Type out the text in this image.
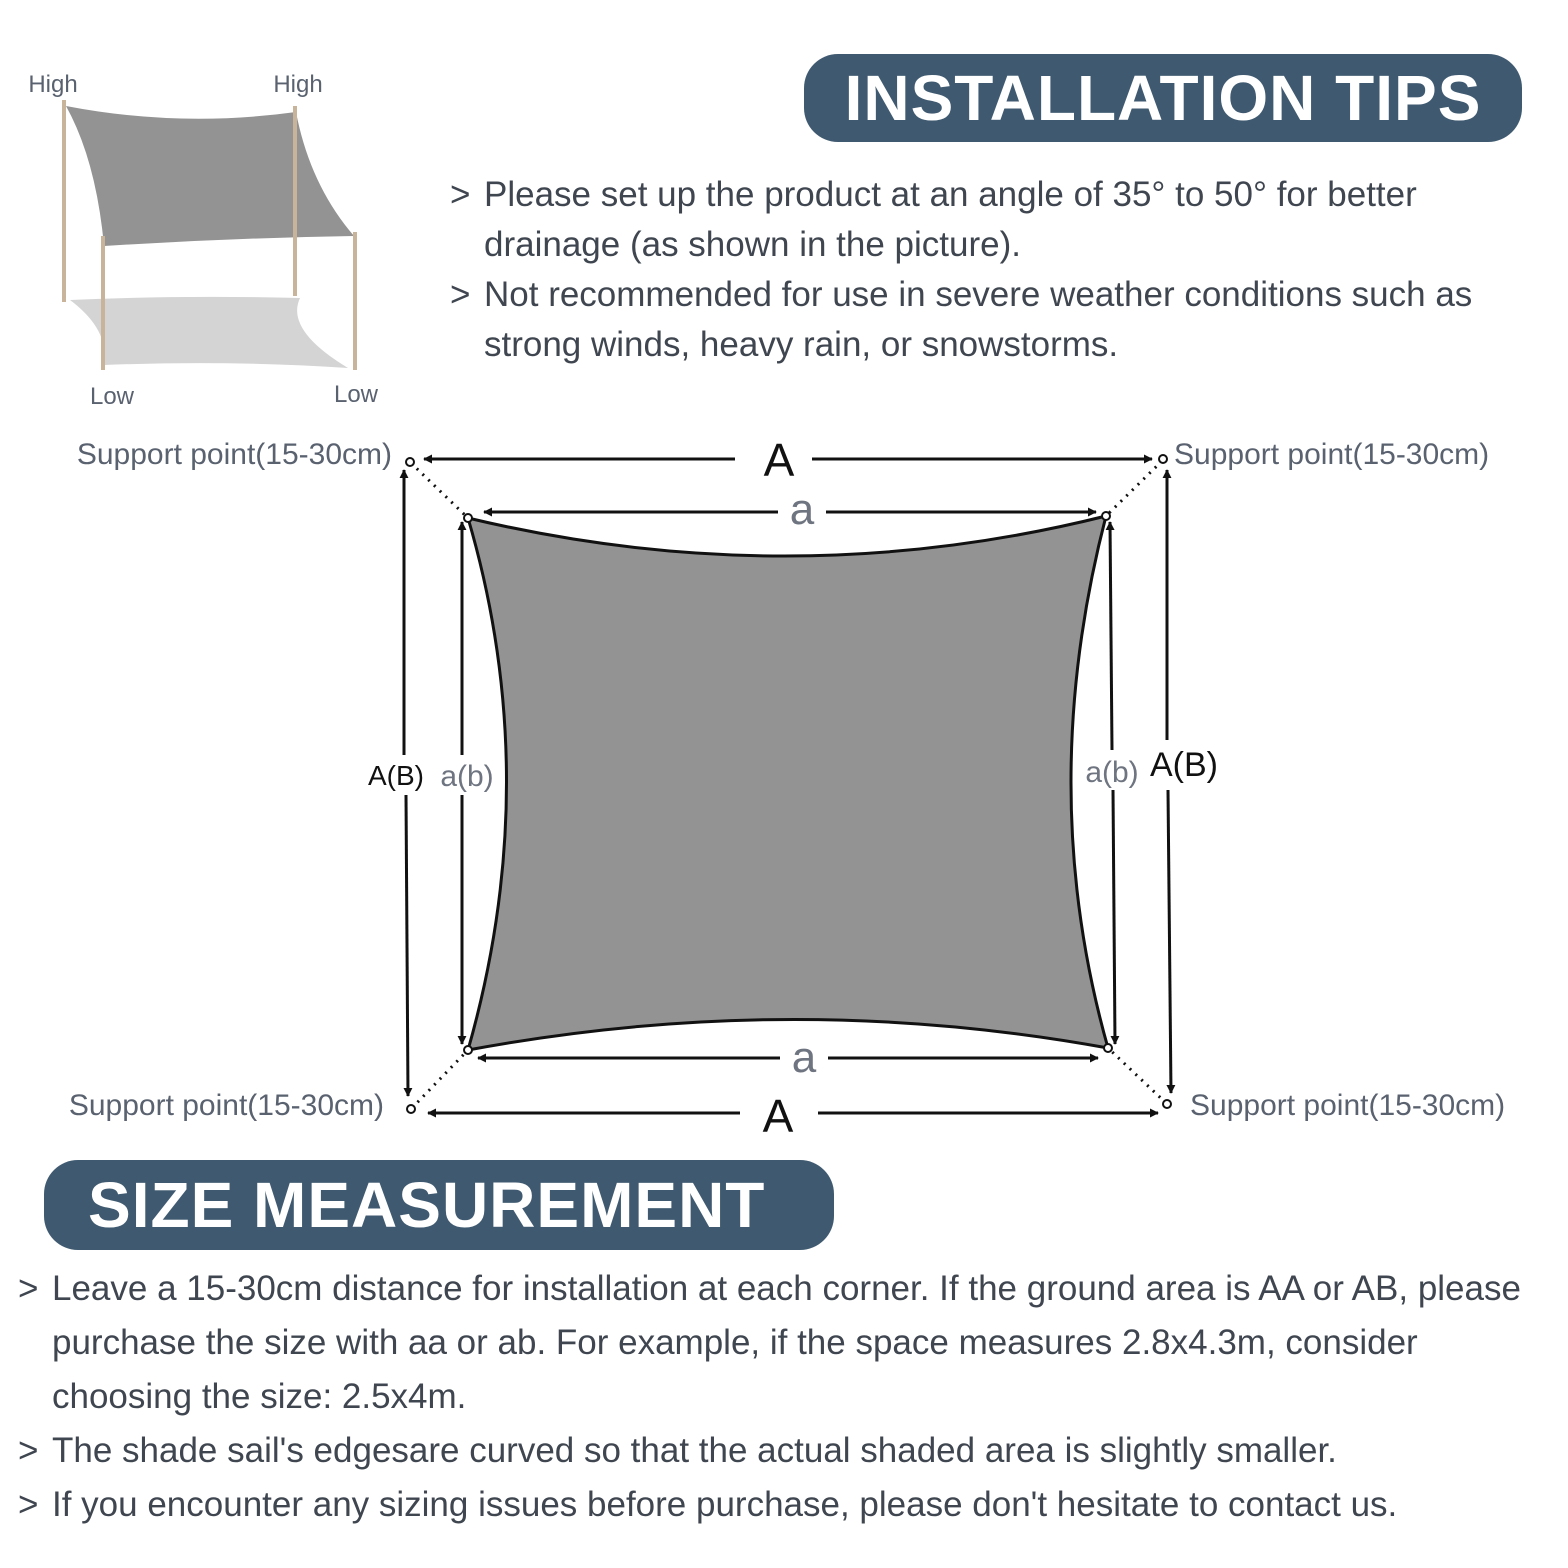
High	High
Low	Low
A
a
a
A
A(B) a(b)	a(b) A(B)
Support point(15-30cm)	Support point(15-30cm)
Support point(15-30cm)	Support point(15-30cm)
INSTALLATION TIPS
> Please set up the product at an angle of 35° to 50° for better drainage (as shown in the picture).
> Not recommended for use in severe weather conditions such as strong winds, heavy rain, or snowstorms.
SIZE MEASUREMENT
> Leave a 15-30cm distance for installation at each corner. If the ground area is AA or AB, please purchase the size with aa or ab. For example, if the space measures 2.8x4.3m, consider choosing the size: 2.5x4m.
> The shade sail's edgesare curved so that the actual shaded area is slightly smaller.
> If you encounter any sizing issues before purchase, please don't hesitate to contact us.
